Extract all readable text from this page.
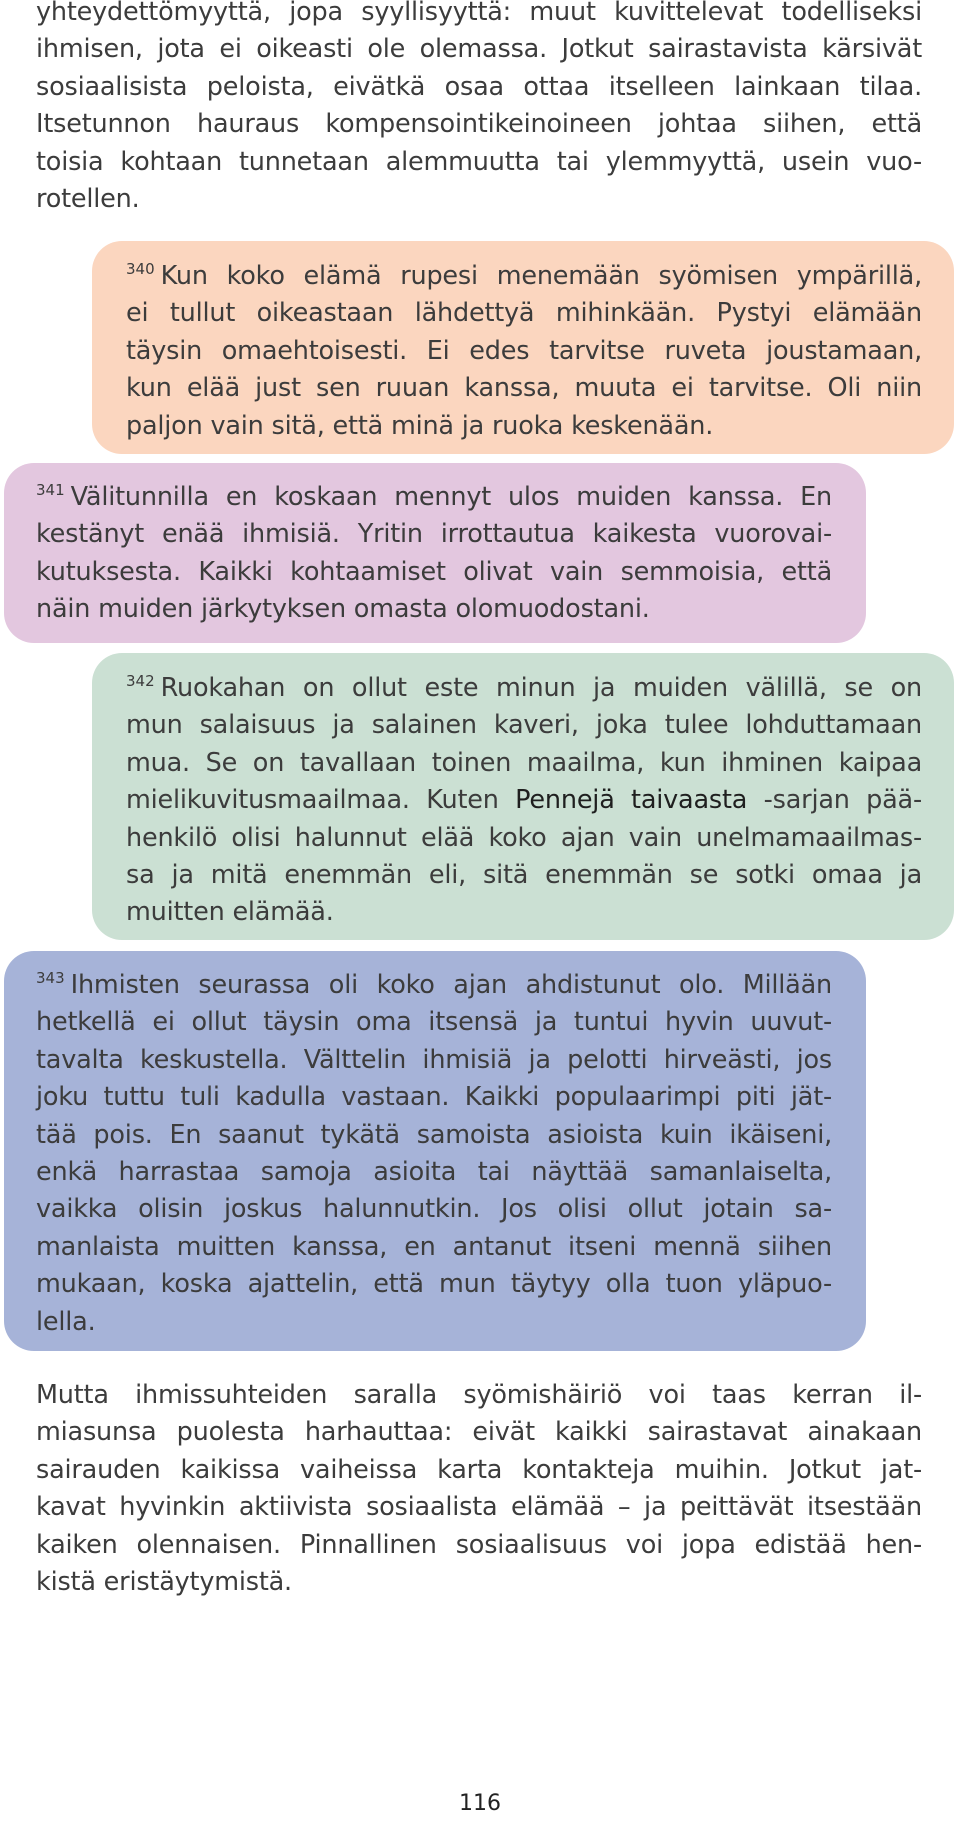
yhteydettömyyttä, jopa syyllisyyttä: muut kuvittelevat todelliseksi
ihmisen, jota ei oikeasti ole olemassa. Jotkut sairastavista kärsivät
sosiaalisista peloista, eivätkä osaa ottaa itselleen lainkaan tilaa.
Itsetunnon hauraus kompensointikeinoineen johtaa siihen, että
toisia kohtaan tunnetaan alemmuutta tai ylemmyyttä, usein vuo-
rotellen.
$^{340}$ Kun koko elämä rupesi menemään syömisen ympärillä,
ei tullut oikeastaan lähdettyä mihinkään. Pystyi elämään
täysin omaehtoisesti. Ei edes tarvitse ruveta joustamaan,
kun elää just sen ruuan kanssa, muuta ei tarvitse. Oli niin
paljon vain sitä, että minä ja ruoka keskenään.
$^{341}$ Välitunnilla en koskaan mennyt ulos muiden kanssa. En
kestänyt enää ihmisiä. Yritin irrottautua kaikesta vuorovai-
kutuksesta. Kaikki kohtaamiset olivat vain semmoisia, että
näin muiden järkytyksen omasta olomuodostani.
$^{342}$ Ruokahan on ollut este minun ja muiden välillä, se on
mun salaisuus ja salainen kaveri, joka tulee lohduttamaan
mua. Se on tavallaan toinen maailma, kun ihminen kaipaa
mielikuvitusmaailmaa. Kuten Pennejä taivaasta -sarjan pää-
henkilö olisi halunnut elää koko ajan vain unelmamaailmas-
sa ja mitä enemmän eli, sitä enemmän se sotki omaa ja
muitten elämää.
$^{343}$ Ihmisten seurassa oli koko ajan ahdistunut olo. Millään
hetkellä ei ollut täysin oma itsensä ja tuntui hyvin uuvut-
tavalta keskustella. Välttelin ihmisiä ja pelotti hirveästi, jos
joku tuttu tuli kadulla vastaan. Kaikki populaarimpi piti jät-
tää pois. En saanut tykätä samoista asioista kuin ikäiseni,
enkä harrastaa samoja asioita tai näyttää samanlaiselta,
vaikka olisin joskus halunnutkin. Jos olisi ollut jotain sa-
manlaista muitten kanssa, en antanut itseni mennä siihen
mukaan, koska ajattelin, että mun täytyy olla tuon yläpuo-
lella.
Mutta ihmissuhteiden saralla syömishäiriö voi taas kerran il-
miasunsa puolesta harhauttaa: eivät kaikki sairastavat ainakaan
sairauden kaikissa vaiheissa karta kontakteja muihin. Jotkut jat-
kavat hyvinkin aktiivista sosiaalista elämää – ja peittävät itsestään
kaiken olennaisen. Pinnallinen sosiaalisuus voi jopa edistää hen-
kistä eristäytymistä.
116
